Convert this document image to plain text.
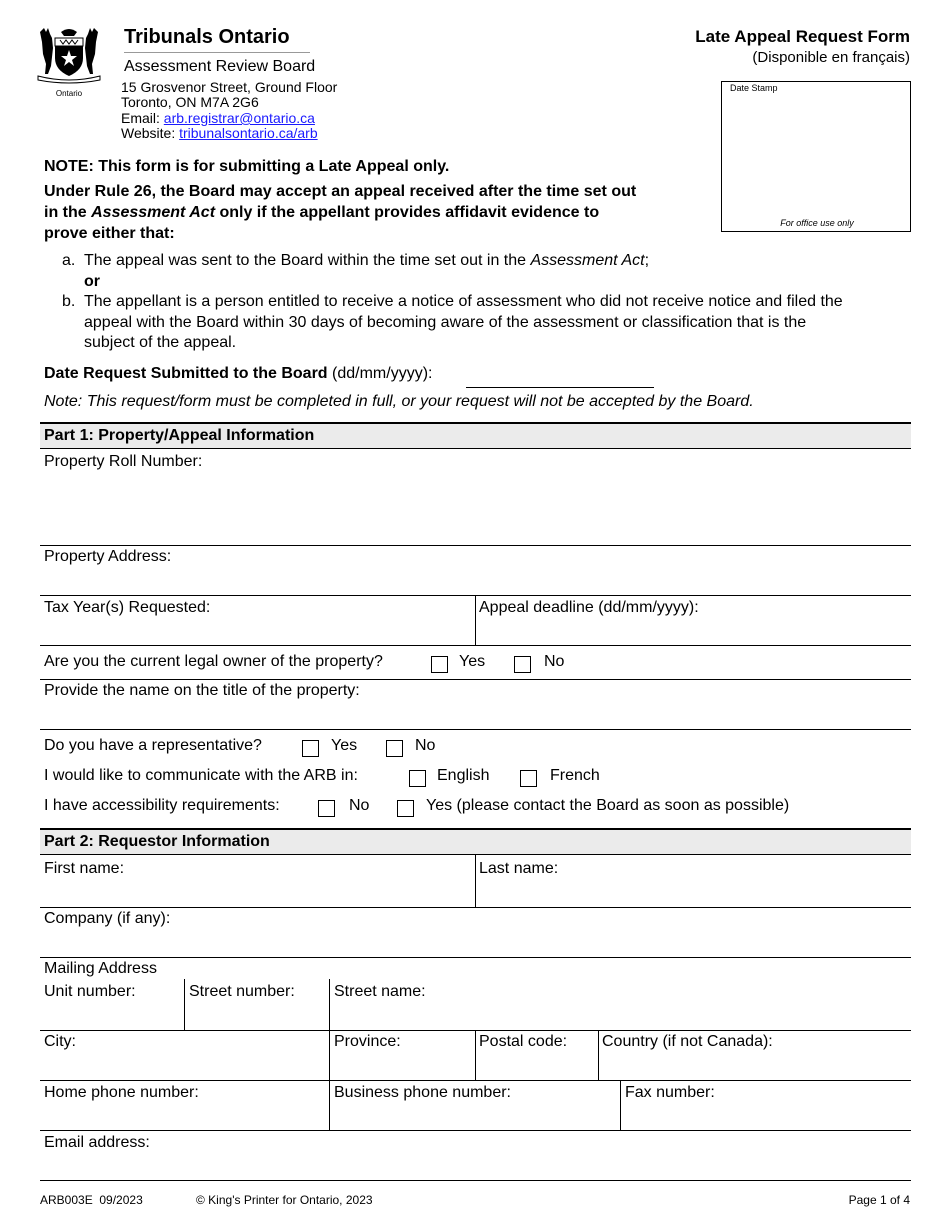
Ontario
Tribunals Ontario
Assessment Review Board
15 Grosvenor Street, Ground Floor
Toronto, ON M7A 2G6
Email: arb.registrar@ontario.ca
Website: tribunalsontario.ca/arb
Late Appeal Request Form
(Disponible en français)
Date Stamp
For office use only
NOTE: This form is for submitting a Late Appeal only.
Under Rule 26, the Board may accept an appeal received after the time set out
in the Assessment Act only if the appellant provides affidavit evidence to
prove either that:
a. The appeal was sent to the Board within the time set out in the Assessment Act;
or
b. The appellant is a person entitled to receive a notice of assessment who did not receive notice and filed the
appeal with the Board within 30 days of becoming aware of the assessment or classification that is the
subject of the appeal.
Date Request Submitted to the Board (dd/mm/yyyy):
Note: This request/form must be completed in full, or your request will not be accepted by the Board.
Part 1: Property/Appeal Information
Property Roll Number:
Property Address:
Tax Year(s) Requested:	Appeal deadline (dd/mm/yyyy):
Are you the current legal owner of the property?	Yes	No
Provide the name on the title of the property:
Do you have a representative?	Yes	No
I would like to communicate with the ARB in:	English	French
I have accessibility requirements:	No	Yes (please contact the Board as soon as possible)
Part 2: Requestor Information
First name:	Last name:
Company (if any):
Mailing Address
Unit number:	Street number: Street name:
City:	Province:	Postal code: Country (if not Canada):
Home phone number:	Business phone number:	Fax number:
Email address:
ARB003E  09/2023	© King's Printer for Ontario, 2023	Page 1 of 4
